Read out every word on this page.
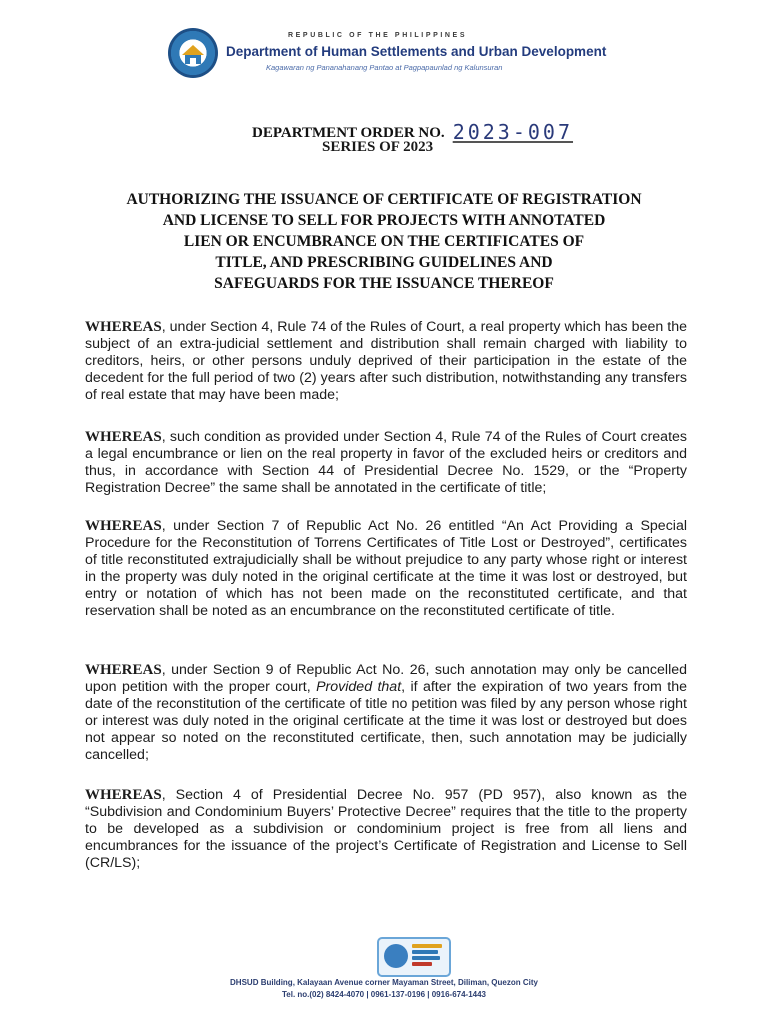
REPUBLIC OF THE PHILIPPINES
Department of Human Settlements and Urban Development
Kagawaran ng Pananahanang Pantao at Pagpapaunlad ng Kalunsuran
DEPARTMENT ORDER NO. 2023-007
SERIES OF 2023
AUTHORIZING THE ISSUANCE OF CERTIFICATE OF REGISTRATION
AND LICENSE TO SELL FOR PROJECTS WITH ANNOTATED
LIEN OR ENCUMBRANCE ON THE CERTIFICATES OF
TITLE, AND PRESCRIBING GUIDELINES AND
SAFEGUARDS FOR THE ISSUANCE THEREOF

WHEREAS, under Section 4, Rule 74 of the Rules of Court, a real property which has been the subject of an extra-judicial settlement and distribution shall remain charged with liability to creditors, heirs, or other persons unduly deprived of their participation in the estate of the decedent for the full period of two (2) years after such distribution, notwithstanding any transfers of real estate that may have been made;

WHEREAS, such condition as provided under Section 4, Rule 74 of the Rules of Court creates a legal encumbrance or lien on the real property in favor of the excluded heirs or creditors and thus, in accordance with Section 44 of Presidential Decree No. 1529, or the “Property Registration Decree” the same shall be annotated in the certificate of title;

WHEREAS, under Section 7 of Republic Act No. 26 entitled “An Act Providing a Special Procedure for the Reconstitution of Torrens Certificates of Title Lost or Destroyed”, certificates of title reconstituted extrajudicially shall be without prejudice to any party whose right or interest in the property was duly noted in the original certificate at the time it was lost or destroyed, but entry or notation of which has not been made on the reconstituted certificate, and that reservation shall be noted as an encumbrance on the reconstituted certificate of title.

WHEREAS, under Section 9 of Republic Act No. 26, such annotation may only be cancelled upon petition with the proper court, Provided that, if after the expiration of two years from the date of the reconstitution of the certificate of title no petition was filed by any person whose right or interest was duly noted in the original certificate at the time it was lost or destroyed but does not appear so noted on the reconstituted certificate, then, such annotation may be judicially cancelled;

WHEREAS, Section 4 of Presidential Decree No. 957 (PD 957), also known as the “Subdivision and Condominium Buyers’ Protective Decree” requires that the title to the property to be developed as a subdivision or condominium project is free from all liens and encumbrances for the issuance of the project’s Certificate of Registration and License to Sell (CR/LS);

DHSUD Building, Kalayaan Avenue corner Mayaman Street, Diliman, Quezon City
Tel. no.(02) 8424-4070 | 0961-137-0196 | 0916-674-1443
